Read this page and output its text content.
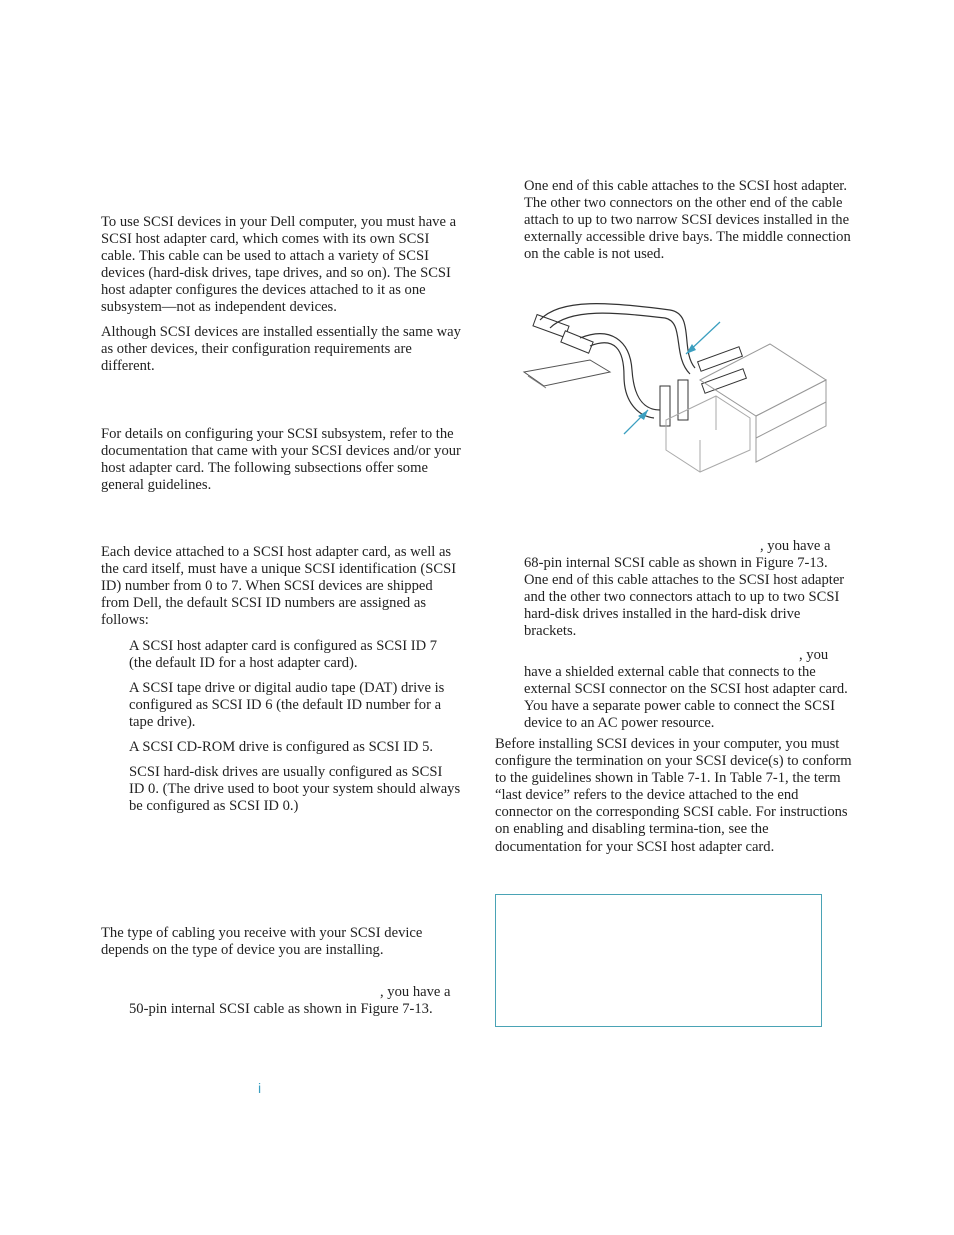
To use SCSI devices in your Dell computer, you must have a SCSI host adapter card, which comes with its own SCSI cable. This cable can be used to attach a variety of SCSI devices (hard-disk drives, tape drives, and so on). The SCSI host adapter configures the devices attached to it as one subsystem—not as independent devices.

Although SCSI devices are installed essentially the same way as other devices, their configuration requirements are different.

For details on configuring your SCSI subsystem, refer to the documentation that came with your SCSI devices and/or your host adapter card. The following subsections offer some general guidelines.

Each device attached to a SCSI host adapter card, as well as the card itself, must have a unique SCSI identification (SCSI ID) number from 0 to 7. When SCSI devices are shipped from Dell, the default SCSI ID numbers are assigned as follows:

A SCSI host adapter card is configured as SCSI ID 7 (the default ID for a host adapter card).

A SCSI tape drive or digital audio tape (DAT) drive is configured as SCSI ID 6 (the default ID number for a tape drive).

A SCSI CD-ROM drive is configured as SCSI ID 5.

SCSI hard-disk drives are usually configured as SCSI ID 0. (The drive used to boot your system should always be configured as SCSI ID 0.)

The type of cabling you receive with your SCSI device depends on the type of device you are installing.

, you have a

50-pin internal SCSI cable as shown in Figure 7-13.

One end of this cable attaches to the SCSI host adapter. The other two connectors on the other end of the cable attach to up to two narrow SCSI devices installed in the externally accessible drive bays. The middle connection on the cable is not used.

, you have a

68-pin internal SCSI cable as shown in Figure 7-13. One end of this cable attaches to the SCSI host adapter and the other two connectors attach to up to two SCSI hard-disk drives installed in the hard-disk drive brackets.

, you

have a shielded external cable that connects to the external SCSI connector on the SCSI host adapter card. You have a separate power cable to connect the SCSI device to an AC power resource.

Before installing SCSI devices in your computer, you must configure the termination on your SCSI device(s) to conform to the guidelines shown in Table 7-1. In Table 7-1, the term “last device” refers to the device attached to the end connector on the corresponding SCSI cable. For instructions on enabling and disabling termina-tion, see the documentation for your SCSI host adapter card.

i
